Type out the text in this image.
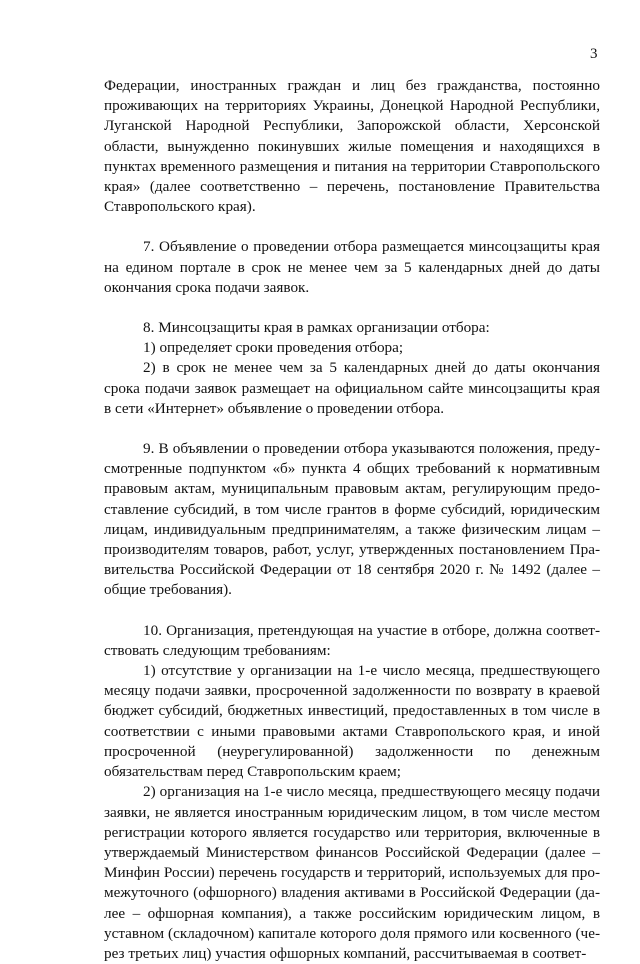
3

Федерации, иностранных граждан и лиц без гражданства, постоянно проживающих на территориях Украины, Донецкой Народной Республики, Луганской Народной Республики, Запорожской области, Херсонской области, вынужденно покинувших жилые помещения и находящихся в пунктах временного размещения и питания на территории Ставропольского края» (далее соответственно – перечень, постановление Правительства Ставропольского края).

7. Объявление о проведении отбора размещается минсоцзащиты края на едином портале в срок не менее чем за 5 календарных дней до даты окончания срока подачи заявок.

8. Минсоцзащиты края в рамках организации отбора:

1) определяет сроки проведения отбора;

2) в срок не менее чем за 5 календарных дней до даты окончания срока подачи заявок размещает на официальном сайте минсоцзащиты края в сети «Интернет» объявление о проведении отбора.

9. В объявлении о проведении отбора указываются положения, предусмотренные подпунктом «б» пункта 4 общих требований к нормативным правовым актам, муниципальным правовым актам, регулирующим предоставление субсидий, в том числе грантов в форме субсидий, юридическим лицам, индивидуальным предпринимателям, а также физическим лицам – производителям товаров, работ, услуг, утвержденных постановлением Правительства Российской Федерации от 18 сентября 2020 г. № 1492 (далее – общие требования).

10. Организация, претендующая на участие в отборе, должна соответствовать следующим требованиям:

1) отсутствие у организации на 1-е число месяца, предшествующего месяцу подачи заявки, просроченной задолженности по возврату в краевой бюджет субсидий, бюджетных инвестиций, предоставленных в том числе в соответствии с иными правовыми актами Ставропольского края, и иной просроченной (неурегулированной) задолженности по денежным обязательствам перед Ставропольским краем;

2) организация на 1-е число месяца, предшествующего месяцу подачи заявки, не является иностранным юридическим лицом, в том числе местом регистрации которого является государство или территория, включенные в утверждаемый Министерством финансов Российской Федерации (далее – Минфин России) перечень государств и территорий, используемых для промежуточного (офшорного) владения активами в Российской Федерации (далее – офшорная компания), а также российским юридическим лицом, в уставном (складочном) капитале которого доля прямого или косвенного (через третьих лиц) участия офшорных компаний, рассчитываемая в соответ-
